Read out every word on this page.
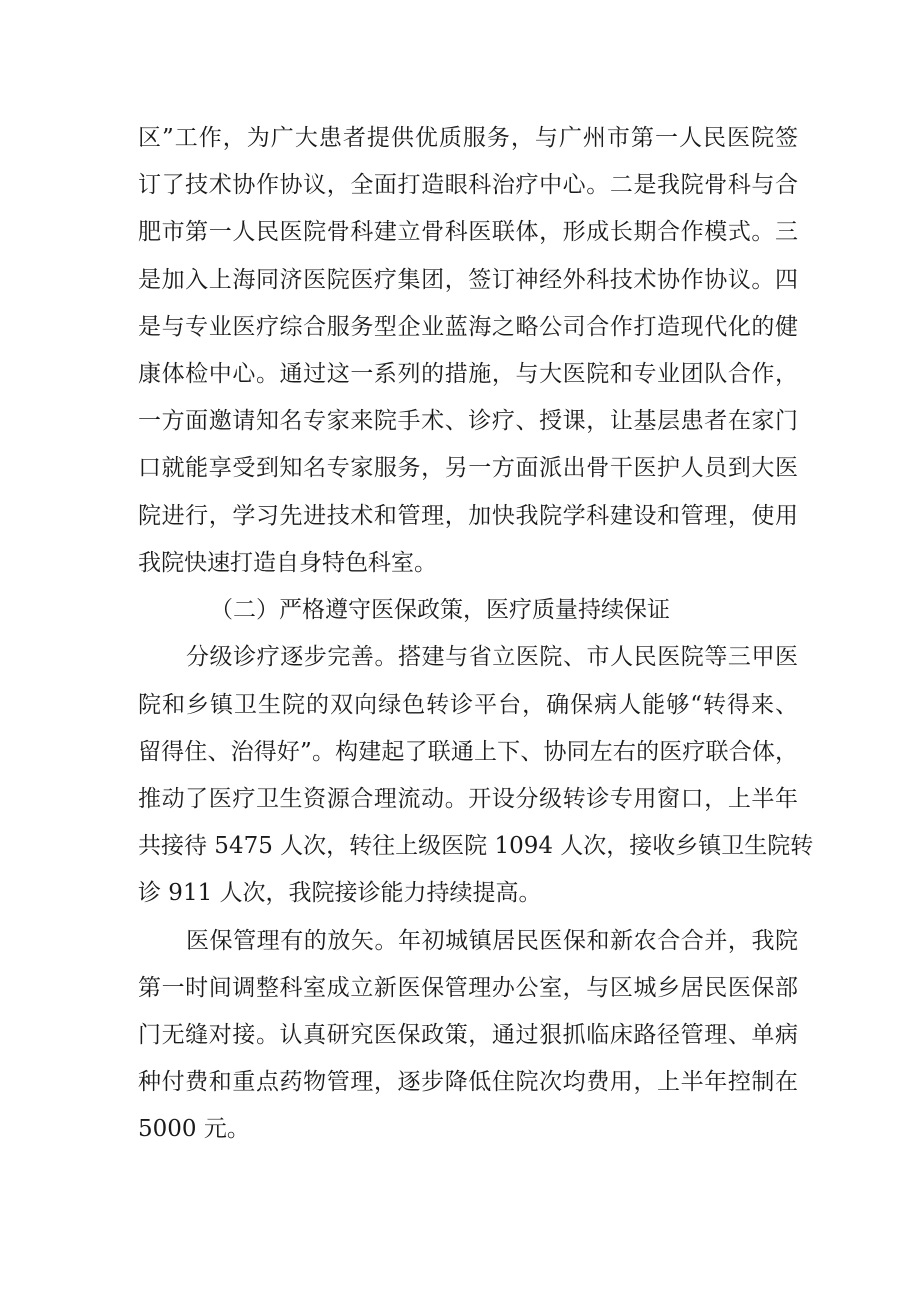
区”工作，为广大患者提供优质服务，与广州市第一人民医院签
订了技术协作协议，全面打造眼科治疗中心。二是我院骨科与合
肥市第一人民医院骨科建立骨科医联体，形成长期合作模式。三
是加入上海同济医院医疗集团，签订神经外科技术协作协议。四
是与专业医疗综合服务型企业蓝海之略公司合作打造现代化的健
康体检中心。通过这一系列的措施，与大医院和专业团队合作，
一方面邀请知名专家来院手术、诊疗、授课，让基层患者在家门
口就能享受到知名专家服务，另一方面派出骨干医护人员到大医
院进行，学习先进技术和管理，加快我院学科建设和管理，使用
我院快速打造自身特色科室。
（二）严格遵守医保政策，医疗质量持续保证
分级诊疗逐步完善。搭建与省立医院、市人民医院等三甲医
院和乡镇卫生院的双向绿色转诊平台，确保病人能够“转得来、
留得住、治得好”。构建起了联通上下、协同左右的医疗联合体，
推动了医疗卫生资源合理流动。开设分级转诊专用窗口，上半年
共接待 5475 人次，转往上级医院 1094 人次，接收乡镇卫生院转
诊 911 人次，我院接诊能力持续提高。
医保管理有的放矢。年初城镇居民医保和新农合合并，我院
第一时间调整科室成立新医保管理办公室，与区城乡居民医保部
门无缝对接。认真研究医保政策，通过狠抓临床路径管理、单病
种付费和重点药物管理，逐步降低住院次均费用，上半年控制在
5000 元。
